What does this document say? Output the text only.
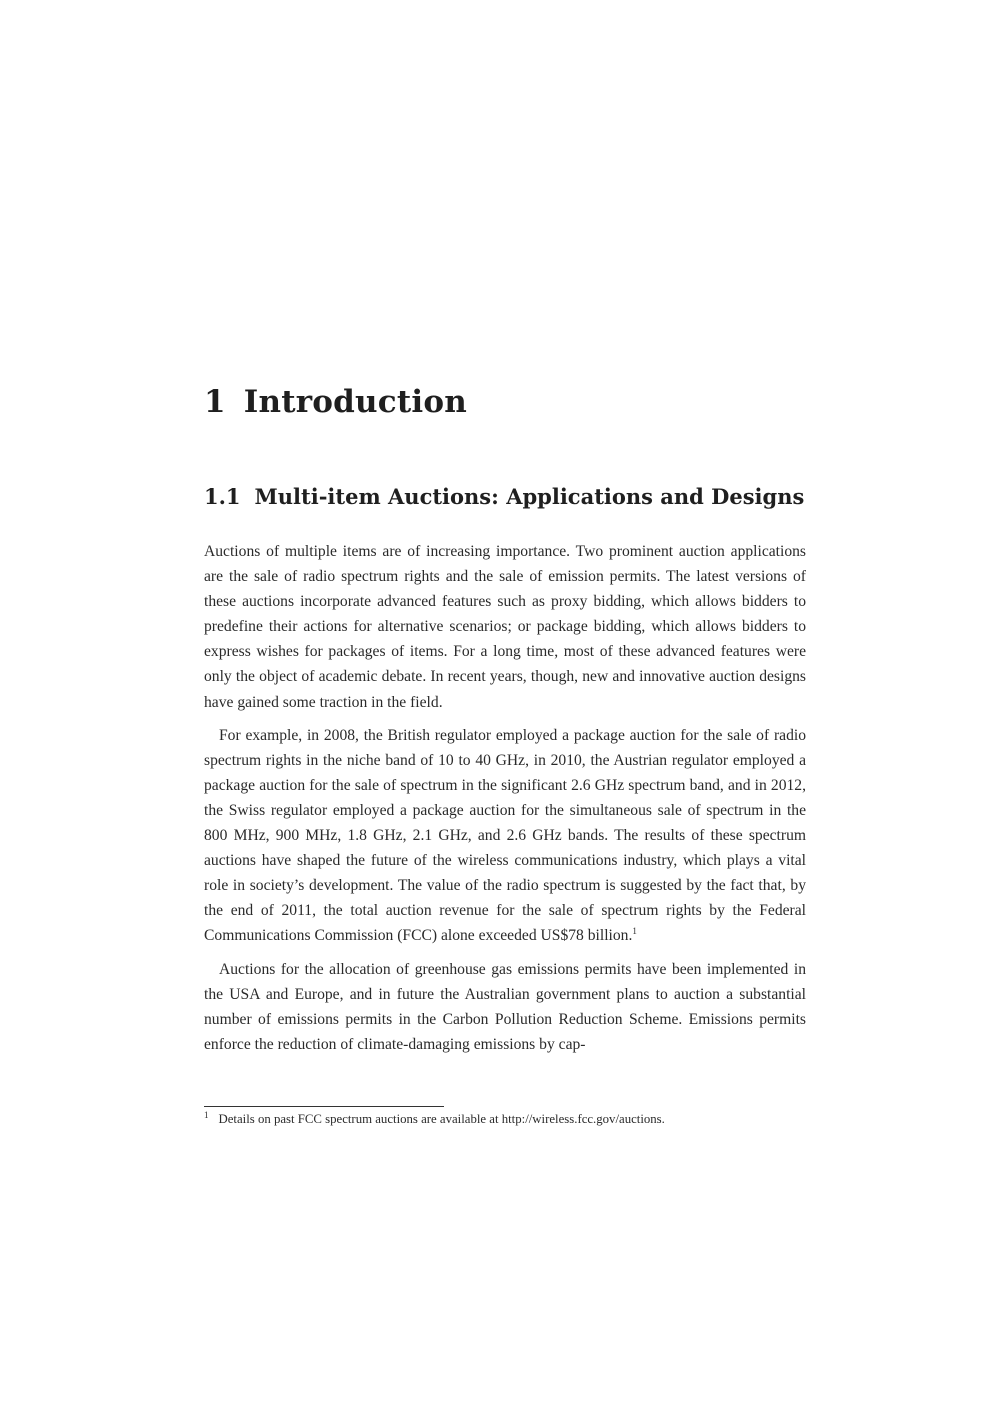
1 Introduction
1.1 Multi-item Auctions: Applications and Designs

Auctions of multiple items are of increasing importance. Two prominent auction applications are the sale of radio spectrum rights and the sale of emission permits. The latest versions of these auctions incorporate advanced features such as proxy bidding, which allows bidders to predefine their actions for alternative scenarios; or package bidding, which allows bidders to express wishes for packages of items. For a long time, most of these advanced features were only the object of academic debate. In recent years, though, new and innovative auction designs have gained some traction in the field.

For example, in 2008, the British regulator employed a package auction for the sale of radio spectrum rights in the niche band of 10 to 40 GHz, in 2010, the Austrian regulator employed a package auction for the sale of spectrum in the significant 2.6 GHz spectrum band, and in 2012, the Swiss regulator employed a package auction for the simultaneous sale of spectrum in the 800 MHz, 900 MHz, 1.8 GHz, 2.1 GHz, and 2.6 GHz bands. The results of these spectrum auctions have shaped the future of the wireless communications industry, which plays a vital role in society’s development. The value of the radio spectrum is suggested by the fact that, by the end of 2011, the total auction revenue for the sale of spectrum rights by the Federal Communications Commission (FCC) alone exceeded US$78 billion.$^1$

Auctions for the allocation of greenhouse gas emissions permits have been implemented in the USA and Europe, and in future the Australian government plans to auction a substantial number of emissions permits in the Carbon Pollution Reduction Scheme. Emissions permits enforce the reduction of climate-damaging emissions by cap-

$^1$ Details on past FCC spectrum auctions are available at http://wireless.fcc.gov/auctions.
